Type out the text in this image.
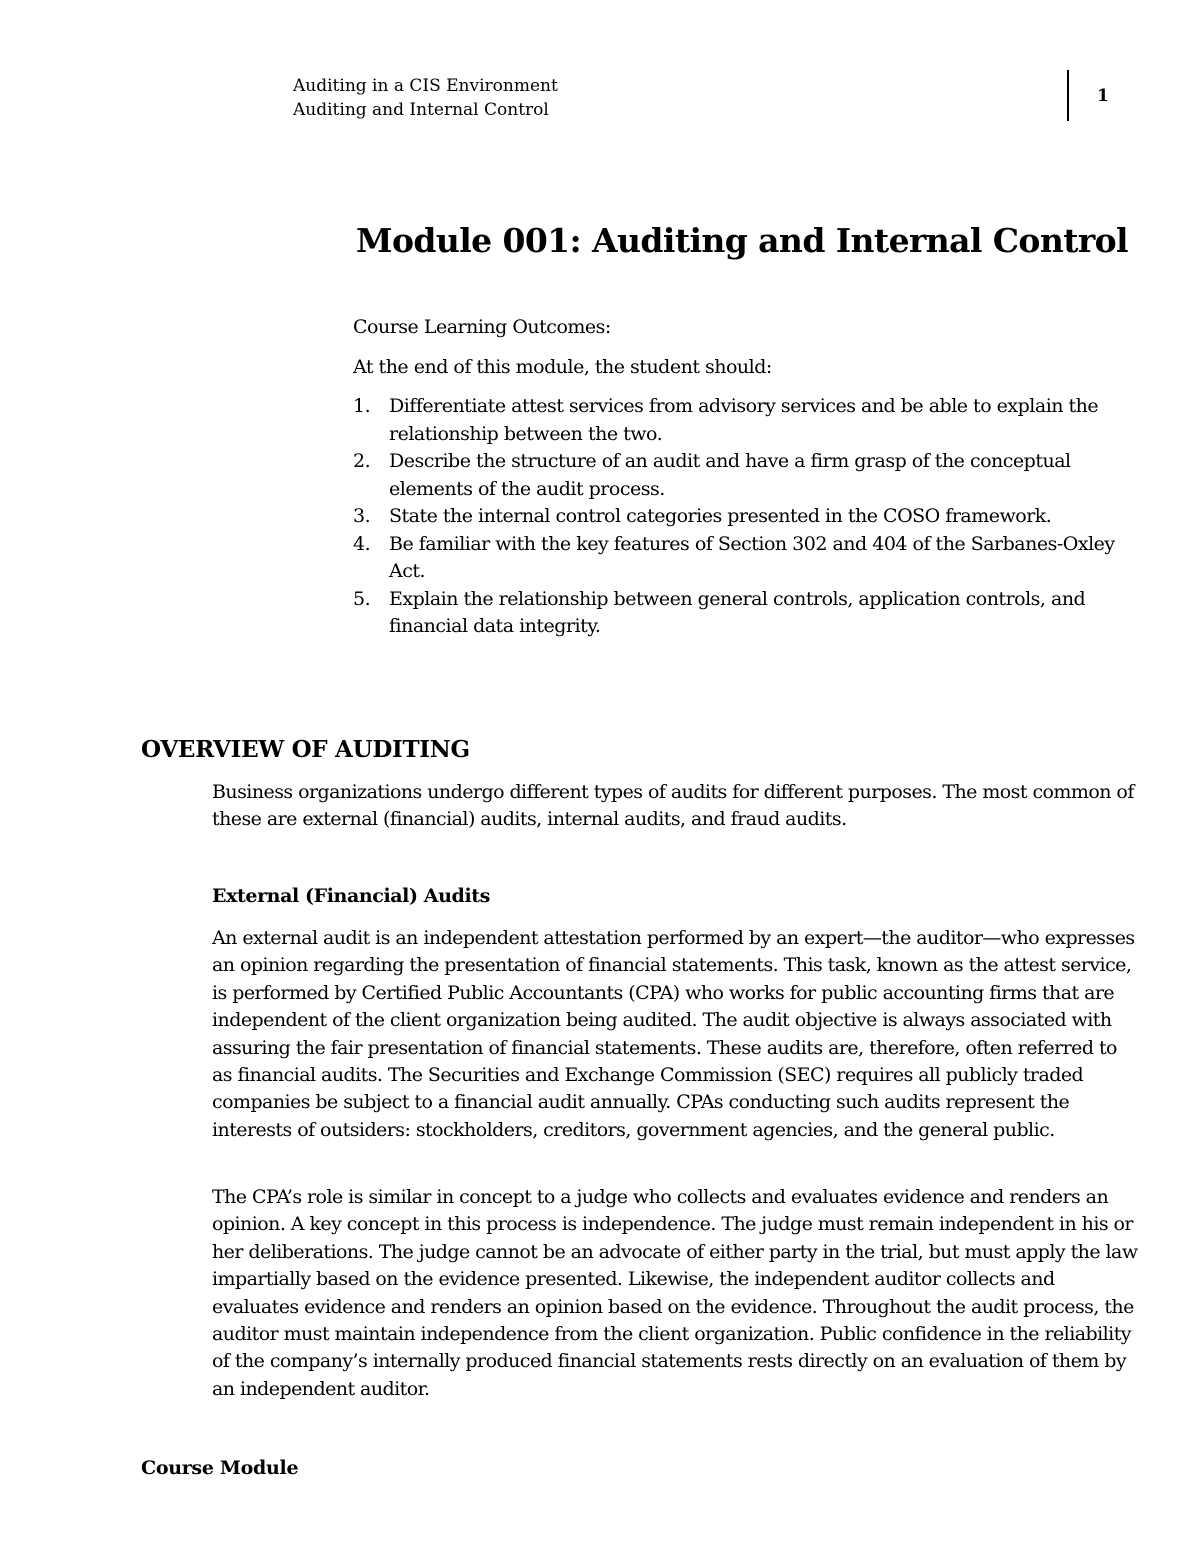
Auditing in a CIS Environment
Auditing and Internal Control
1
Module 001: Auditing and Internal Control

Course Learning Outcomes:

At the end of this module, the student should:

1. Differentiate attest services from advisory services and be able to explain the relationship between the two.
2. Describe the structure of an audit and have a firm grasp of the conceptual elements of the audit process.
3. State the internal control categories presented in the COSO framework.
4. Be familiar with the key features of Section 302 and 404 of the Sarbanes-Oxley Act.
5. Explain the relationship between general controls, application controls, and financial data integrity.
OVERVIEW OF AUDITING

Business organizations undergo different types of audits for different purposes. The most common of these are external (financial) audits, internal audits, and fraud audits.

External (Financial) Audits

An external audit is an independent attestation performed by an expert—the auditor—who expresses an opinion regarding the presentation of financial statements. This task, known as the attest service, is performed by Certified Public Accountants (CPA) who works for public accounting firms that are independent of the client organization being audited. The audit objective is always associated with assuring the fair presentation of financial statements. These audits are, therefore, often referred to as financial audits. The Securities and Exchange Commission (SEC) requires all publicly traded companies be subject to a financial audit annually. CPAs conducting such audits represent the interests of outsiders: stockholders, creditors, government agencies, and the general public.

The CPA’s role is similar in concept to a judge who collects and evaluates evidence and renders an opinion. A key concept in this process is independence. The judge must remain independent in his or her deliberations. The judge cannot be an advocate of either party in the trial, but must apply the law impartially based on the evidence presented. Likewise, the independent auditor collects and evaluates evidence and renders an opinion based on the evidence. Throughout the audit process, the auditor must maintain independence from the client organization. Public confidence in the reliability of the company’s internally produced financial statements rests directly on an evaluation of them by an independent auditor.

Course Module
